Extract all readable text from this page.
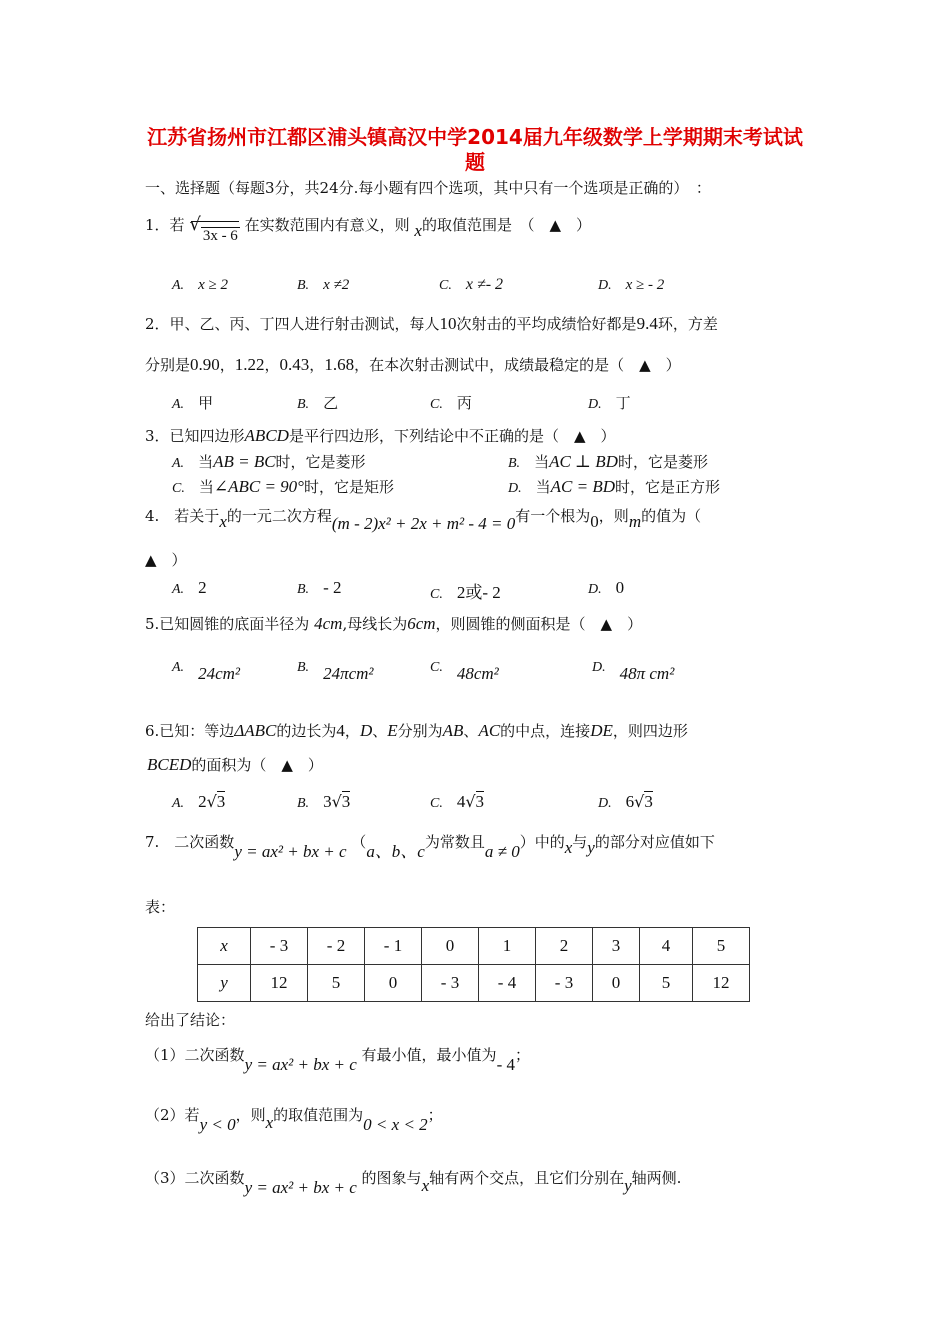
江苏省扬州市江都区浦头镇高汉中学2014届九年级数学上学期期末考试试题
一、选择题（每题3分，共24分.每小题有四个选项，其中只有一个选项是正确的）　：
1．若 √3x - 6 在实数范围内有意义，则 x的取值范围是　（　▲　）
A. x ≥ 2	B. x ≠2	C. x ≠- 2	D. x ≥ - 2
2．甲、乙、丙、丁四人进行射击测试，每人10次射击的平均成绩恰好都是9.4环，方差
分别是0.90，1.22，0.43，1.68，在本次射击测试中，成绩最稳定的是（　▲　）
A. 甲	B. 乙	C. 丙	D. 丁
3．已知四边形ABCD是平行四边形，下列结论中不正确的是（　▲　）
A. 当AB = BC时，它是菱形	B. 当AC ⊥ BD时，它是菱形
C. 当∠ABC = 90°时，它是矩形	D. 当AC = BD时，它是正方形
4.　若关于x的一元二次方程(m - 2)x² + 2x + m² - 4 = 0有一个根为0，则m的值为（
▲　）
A. 2	B. - 2	C. 2或- 2	D. 0
5.已知圆锥的底面半径为 4cm,母线长为6cm，则圆锥的侧面积是（　▲　）
A. 24cm²	B. 24πcm²	C. 48cm²	D. 48π cm²
6.已知：等边ΔABC的边长为4，D、E分别为AB、AC的中点，连接DE，则四边形
BCED的面积为（　▲　）
A. 2√3	B. 3√3	C. 4√3	D. 6√3
7.　二次函数y = ax² + bx + c （a、b、c为常数且a ≠ 0）中的x与y的部分对应值如下
表：
x	- 3	- 2	- 1	0	1	2	3	4	5
y	12	5	0	- 3	- 4	- 3	0	5	12
给出了结论：
（1）二次函数y = ax² + bx + c 有最小值，最小值为- 4；
（2）若y < 0，则x的取值范围为0 < x < 2；
（3）二次函数y = ax² + bx + c 的图象与x轴有两个交点，且它们分别在y轴两侧.
